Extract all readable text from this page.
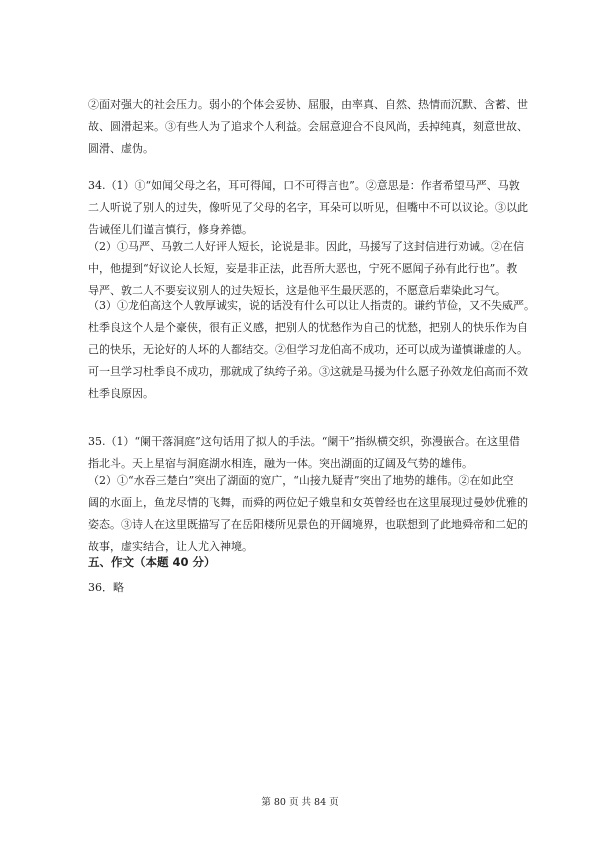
②面对强大的社会压力。弱小的个体会妥协、屈服，由率真、自然、热情而沉默、含蓄、世
故、圆滑起来。③有些人为了追求个人利益。会屈意迎合不良风尚，丢掉纯真，刻意世故、
圆滑、虚伪。
34.（1）①“如闻父母之名，耳可得闻，口不可得言也”。②意思是：作者希望马严、马敦
二人听说了别人的过失，像听见了父母的名字，耳朵可以听见，但嘴中不可以议论。③以此
告诫侄儿们谨言慎行，修身养德。
（2）①马严、马敦二人好评人短长，论说是非。因此，马援写了这封信进行劝诫。②在信
中，他提到“好议论人长短，妄是非正法，此吾所大恶也，宁死不愿闻子孙有此行也”。教
导严、敦二人不要妄议别人的过失短长，这是他平生最厌恶的，不愿意后辈染此习气。
（3）①龙伯高这个人敦厚诚实，说的话没有什么可以让人指责的。谦约节俭，又不失威严。
杜季良这个人是个豪侠，很有正义感，把别人的忧愁作为自己的忧愁，把别人的快乐作为自
己的快乐，无论好的人坏的人都结交。②但学习龙伯高不成功，还可以成为谨慎谦虚的人。
可一旦学习杜季良不成功，那就成了纨绔子弟。③这就是马援为什么愿子孙效龙伯高而不效
杜季良原因。
35.（1）“阑干落洞庭”这句话用了拟人的手法。“阑干”指纵横交织，弥漫嵌合。在这里借
指北斗。天上星宿与洞庭湖水相连，融为一体。突出湖面的辽阔及气势的雄伟。
（2）①“水吞三楚白”突出了湖面的宽广，“山接九疑青”突出了地势的雄伟。②在如此空
阔的水面上，鱼龙尽情的飞舞，而舜的两位妃子娥皇和女英曾经也在这里展现过曼妙优雅的
姿态。③诗人在这里既描写了在岳阳楼所见景色的开阔境界，也联想到了此地舜帝和二妃的
故事，虚实结合，让人尤入神境。
五、作文（本题 40 分）
36．略
第 80 页 共 84 页
